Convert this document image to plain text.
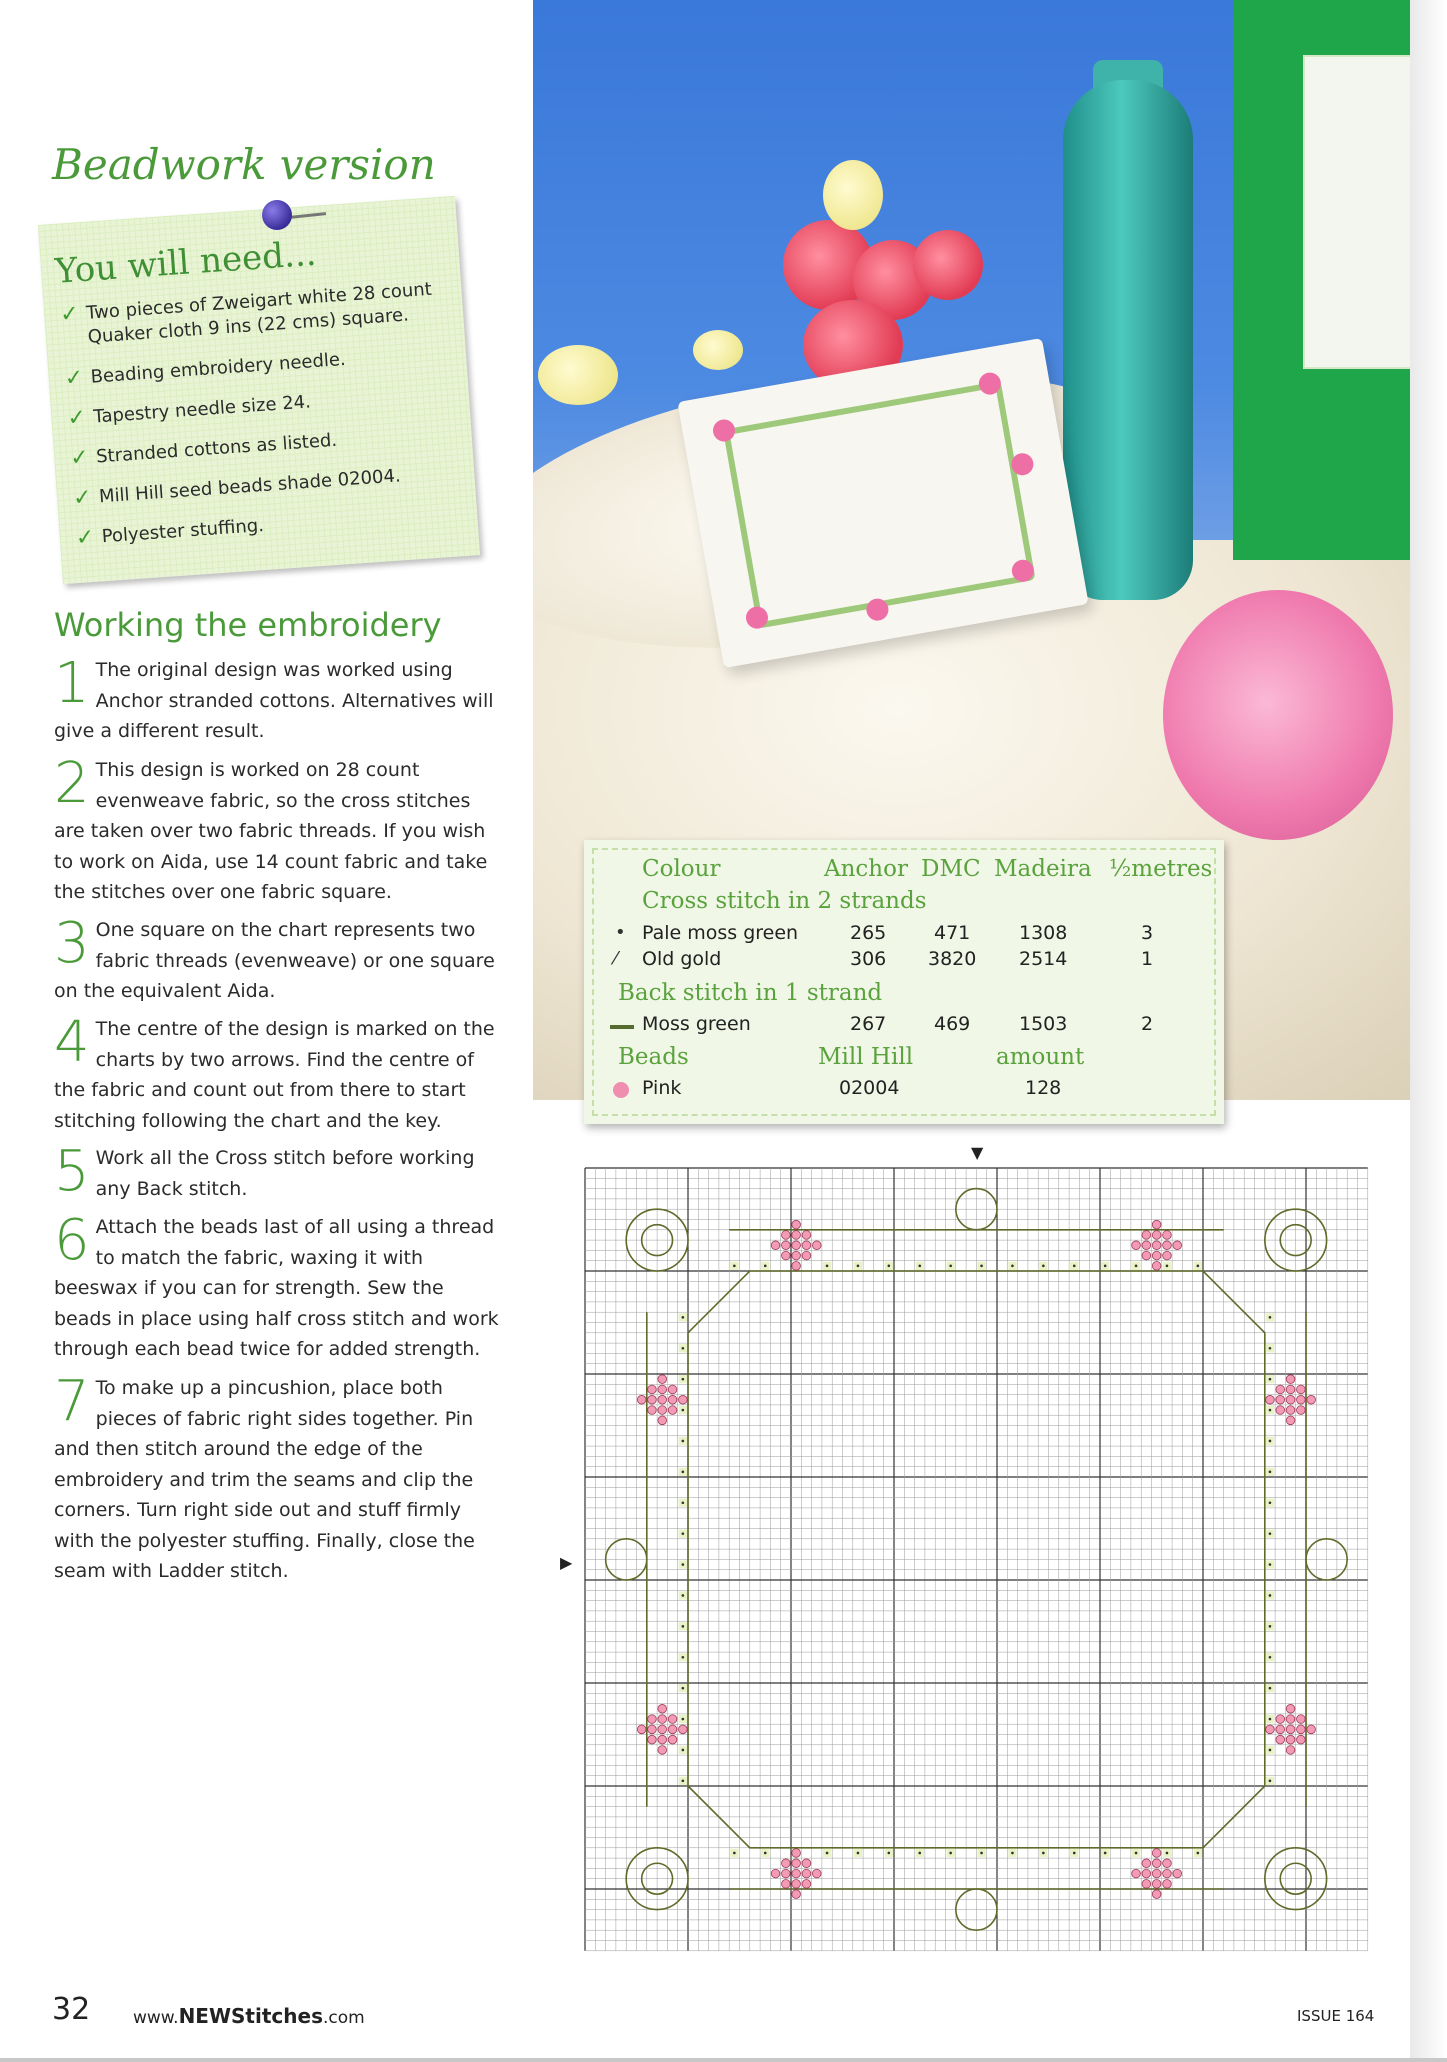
Beadwork version
You will need...
✓ Two pieces of Zweigart white 28 count Quaker cloth 9 ins (22 cms) square.
✓ Beading embroidery needle.
✓ Tapestry needle size 24.
✓ Stranded cottons as listed.
✓ Mill Hill seed beads shade 02004.
✓ Polyester stuffing.
Working the embroidery
1 The original design was worked using Anchor stranded cottons. Alternatives will give a different result.
2 This design is worked on 28 count evenweave fabric, so the cross stitches are taken over two fabric threads. If you wish to work on Aida, use 14 count fabric and take the stitches over one fabric square.
3 One square on the chart represents two fabric threads (evenweave) or one square on the equivalent Aida.
4 The centre of the design is marked on the charts by two arrows. Find the centre of the fabric and count out from there to start stitching following the chart and the key.
5 Work all the Cross stitch before working any Back stitch.
6 Attach the beads last of all using a thread to match the fabric, waxing it with beeswax if you can for strength. Sew the beads in place using half cross stitch and work through each bead twice for added strength.
7 To make up a pincushion, place both pieces of fabric right sides together. Pin and then stitch around the edge of the embroidery and trim the seams and clip the corners. Turn right side out and stuff firmly with the polyester stuffing. Finally, close the seam with Ladder stitch.
Colour	Anchor DMC Madeira ½metres
Cross stitch in 2 strands
• Pale moss green	265	471	1308	3
⁄ Old gold	306 3820 2514	1
Back stitch in 1 strand
Moss green	267	469	1503	2
Beads	Mill Hill	amount
Pink	02004	128
▼
▶
32	www.NEWStitches.com	ISSUE 164
